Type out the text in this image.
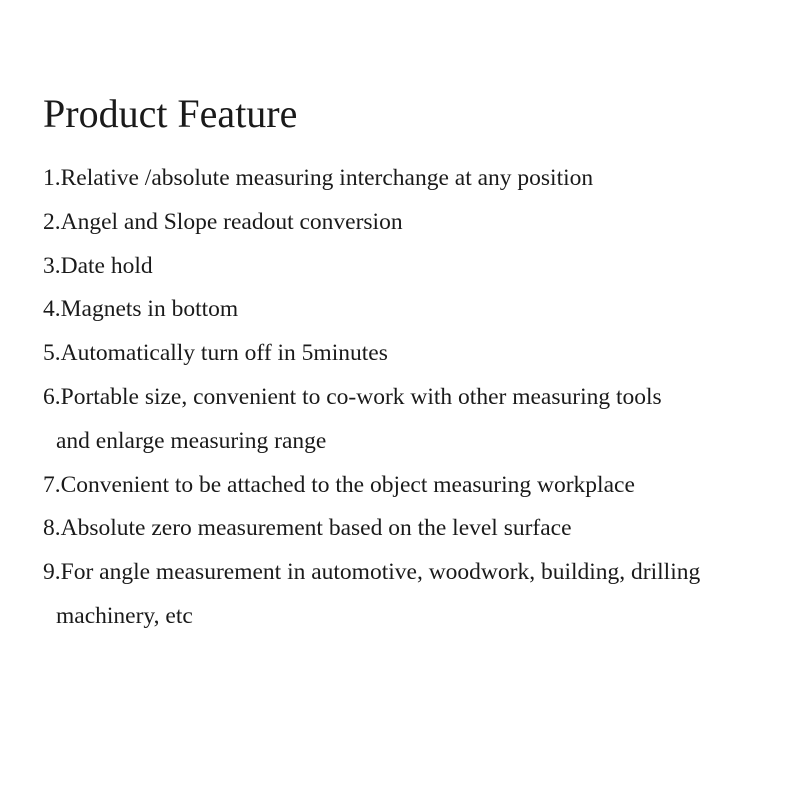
Product Feature
1.Relative /absolute measuring interchange at any position
2.Angel and Slope readout conversion
3.Date hold
4.Magnets in bottom
5.Automatically turn off in 5minutes
6.Portable size, convenient to co-work with other measuring tools
and enlarge measuring range
7.Convenient to be attached to the object measuring workplace
8.Absolute zero measurement based on the level surface
9.For angle measurement in automotive, woodwork, building, drilling
machinery, etc
